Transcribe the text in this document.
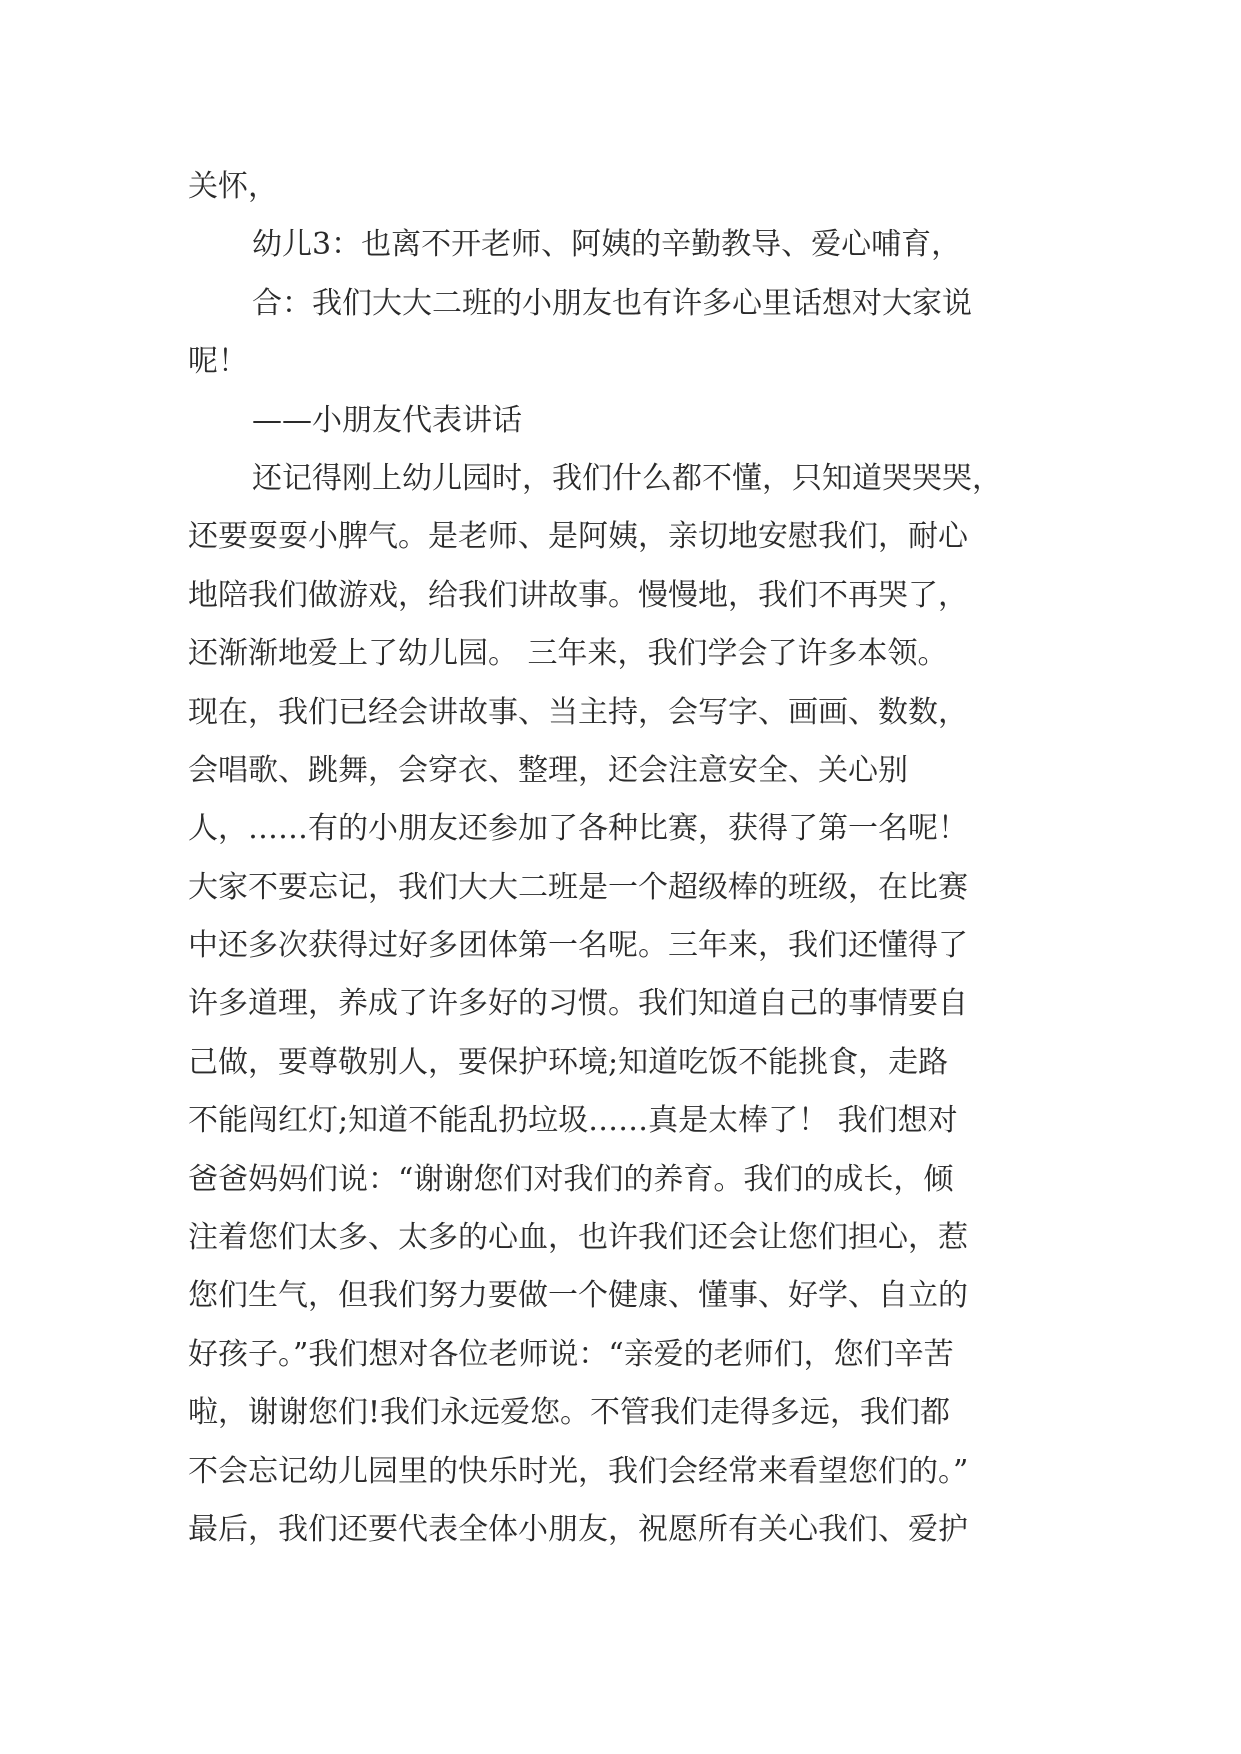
关怀，
幼儿3：也离不开老师、阿姨的辛勤教导、爱心哺育，
合：我们大大二班的小朋友也有许多心里话想对大家说
呢！
——小朋友代表讲话
还记得刚上幼儿园时，我们什么都不懂，只知道哭哭哭，
还要耍耍小脾气。是老师、是阿姨，亲切地安慰我们，耐心
地陪我们做游戏，给我们讲故事。慢慢地，我们不再哭了，
还渐渐地爱上了幼儿园。 三年来，我们学会了许多本领。
现在，我们已经会讲故事、当主持，会写字、画画、数数，
会唱歌、跳舞，会穿衣、整理，还会注意安全、关心别
人，……有的小朋友还参加了各种比赛，获得了第一名呢！
大家不要忘记，我们大大二班是一个超级棒的班级，在比赛
中还多次获得过好多团体第一名呢。三年来，我们还懂得了
许多道理，养成了许多好的习惯。我们知道自己的事情要自
己做，要尊敬别人，要保护环境;知道吃饭不能挑食，走路
不能闯红灯;知道不能乱扔垃圾……真是太棒了！ 我们想对
爸爸妈妈们说：“谢谢您们对我们的养育。我们的成长，倾
注着您们太多、太多的心血，也许我们还会让您们担心，惹
您们生气，但我们努力要做一个健康、懂事、好学、自立的
好孩子。”我们想对各位老师说：“亲爱的老师们，您们辛苦
啦，谢谢您们!我们永远爱您。不管我们走得多远，我们都
不会忘记幼儿园里的快乐时光，我们会经常来看望您们的。”
最后，我们还要代表全体小朋友，祝愿所有关心我们、爱护
